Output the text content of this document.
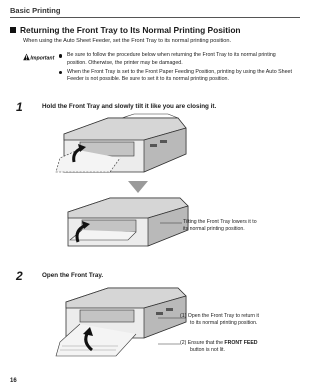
Basic Printing
Returning the Front Tray to Its Normal Printing Position
When using the Auto Sheet Feeder, set the Front Tray to its normal printing position.
Important
Be sure to follow the procedure below when returning the Front Tray to its normal printing position. Otherwise, the printer may be damaged.
When the Front Tray is set to the Front Paper Feeding Position, printing by using the Auto Sheet Feeder is not possible. Be sure to set it to its normal printing position.
1	Hold the Front Tray and slowly tilt it like you are closing it.
Tilting the Front Tray lowers it to
its normal printing position.
2	Open the Front Tray.
(1) Open the Front Tray to return it
to its normal printing position.
(2) Ensure that the FRONT FEED
button is not lit.
16
